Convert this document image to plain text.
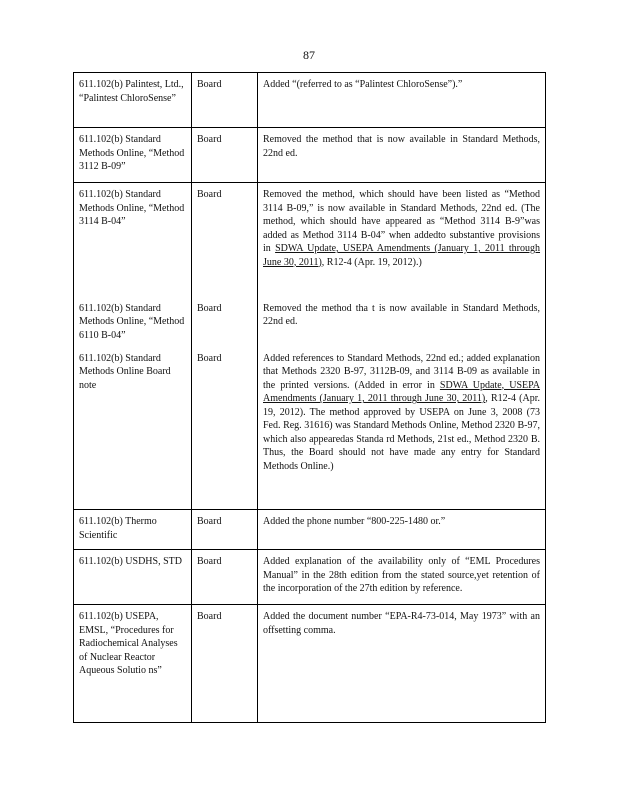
87
611.102(b) Palintest, Ltd., “Palintest ChloroSense”	Board	Added “(referred to as “Palintest ChloroSense”).”
611.102(b) Standard Methods Online, “Method 3112 B-09”	Board	Removed the method that is now available in Standard Methods, 22nd ed.
611.102(b) Standard Methods Online, “Method 3114 B-04”	Board	Removed the method, which should have been listed as “Method 3114 B-09,” is now available in Standard Methods, 22nd ed. (The method, which should have appeared as “Method 3114 B-9”was added as Method 3114 B-04” when addedto substantive provisions in SDWA Update, USEPA Amendments (January 1, 2011 through June 30, 2011), R12-4 (Apr. 19, 2012).)
611.102(b) Standard Methods Online, “Method 6110 B-04”	Board	Removed the method tha t is now available in Standard Methods, 22nd ed.
611.102(b) Standard Methods Online Board note	Board	Added references to Standard Methods, 22nd ed.; added explanation that Methods 2320 B-97, 3112B-09, and 3114 B-09 as available in the printed versions. (Added in error in SDWA Update, USEPA Amendments (January 1, 2011 through June 30, 2011), R12-4 (Apr. 19, 2012). The method approved by USEPA on June 3, 2008 (73 Fed. Reg. 31616) was Standard Methods Online, Method 2320 B-97, which also appearedas Standa rd Methods, 21st ed., Method 2320 B. Thus, the Board should not have made any entry for Standard Methods Online.)
611.102(b) Thermo Scientific	Board	Added the phone number “800-225-1480 or.”
611.102(b) USDHS, STD	Board	Added explanation of the availability only of “EML Procedures Manual” in the 28th edition from the stated source,yet retention of the incorporation of the 27th edition by reference.
611.102(b) USEPA, EMSL, “Procedures for Radiochemical Analyses of Nuclear Reactor Aqueous Solutio ns”	Board	Added the document number “EPA-R4-73-014, May 1973” with an offsetting comma.
